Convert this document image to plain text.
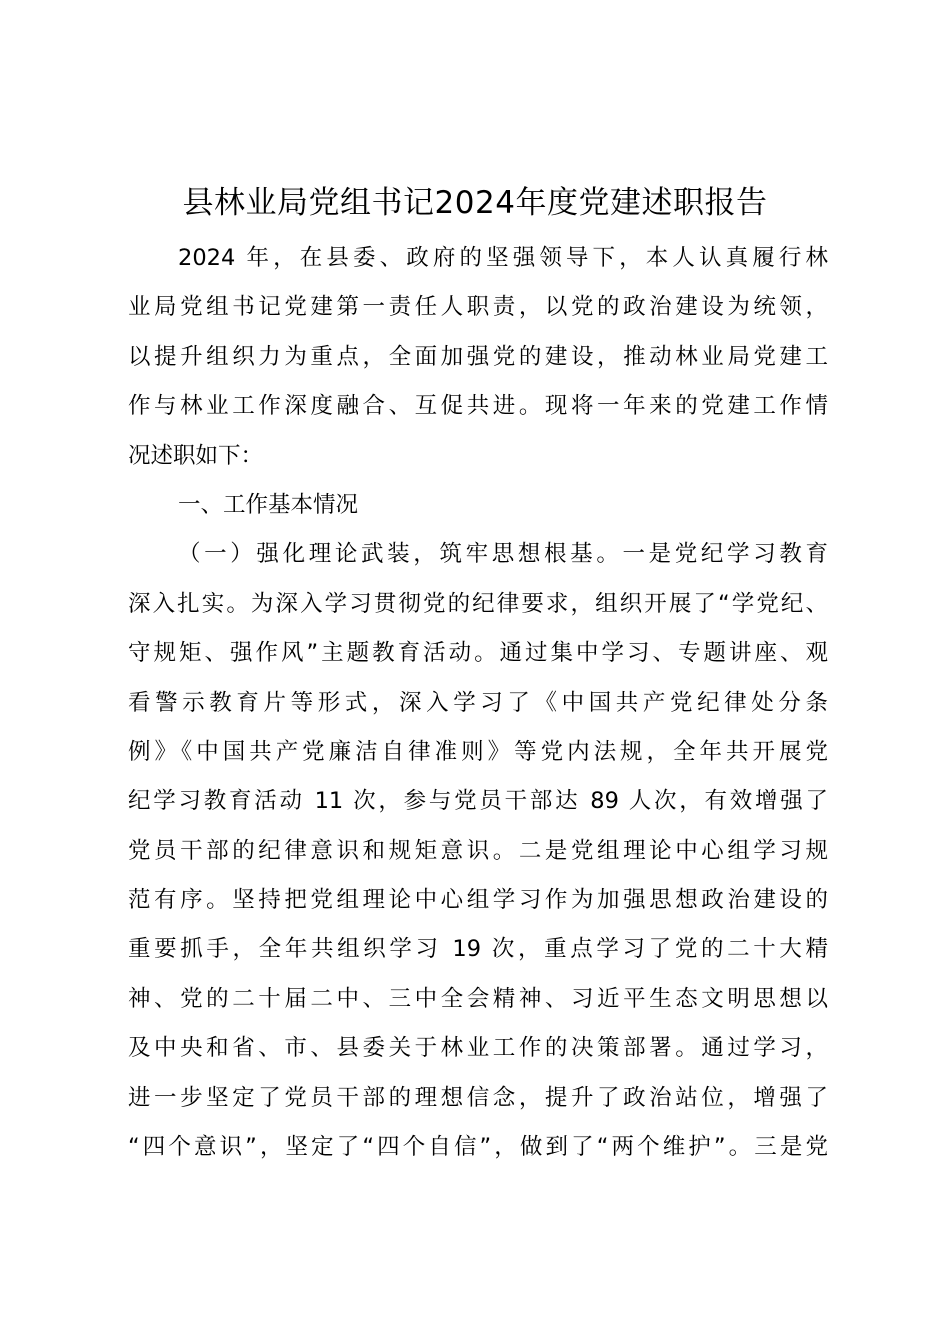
县林业局党组书记2024年度党建述职报告
2024 年，在县委、政府的坚强领导下，本人认真履行林
业局党组书记党建第一责任人职责，以党的政治建设为统领，
以提升组织力为重点，全面加强党的建设，推动林业局党建工
作与林业工作深度融合、互促共进。现将一年来的党建工作情
况述职如下：
一、工作基本情况
（一）强化理论武装，筑牢思想根基。一是党纪学习教育
深入扎实。为深入学习贯彻党的纪律要求，组织开展了“学党纪、
守规矩、强作风”主题教育活动。通过集中学习、专题讲座、观
看警示教育片等形式，深入学习了《中国共产党纪律处分条
例》《中国共产党廉洁自律准则》等党内法规，全年共开展党
纪学习教育活动 11 次，参与党员干部达 89 人次，有效增强了
党员干部的纪律意识和规矩意识。二是党组理论中心组学习规
范有序。坚持把党组理论中心组学习作为加强思想政治建设的
重要抓手，全年共组织学习 19 次，重点学习了党的二十大精
神、党的二十届二中、三中全会精神、习近平生态文明思想以
及中央和省、市、县委关于林业工作的决策部署。通过学习，
进一步坚定了党员干部的理想信念，提升了政治站位，增强了
“四个意识”，坚定了“四个自信”，做到了“两个维护”。三是党
